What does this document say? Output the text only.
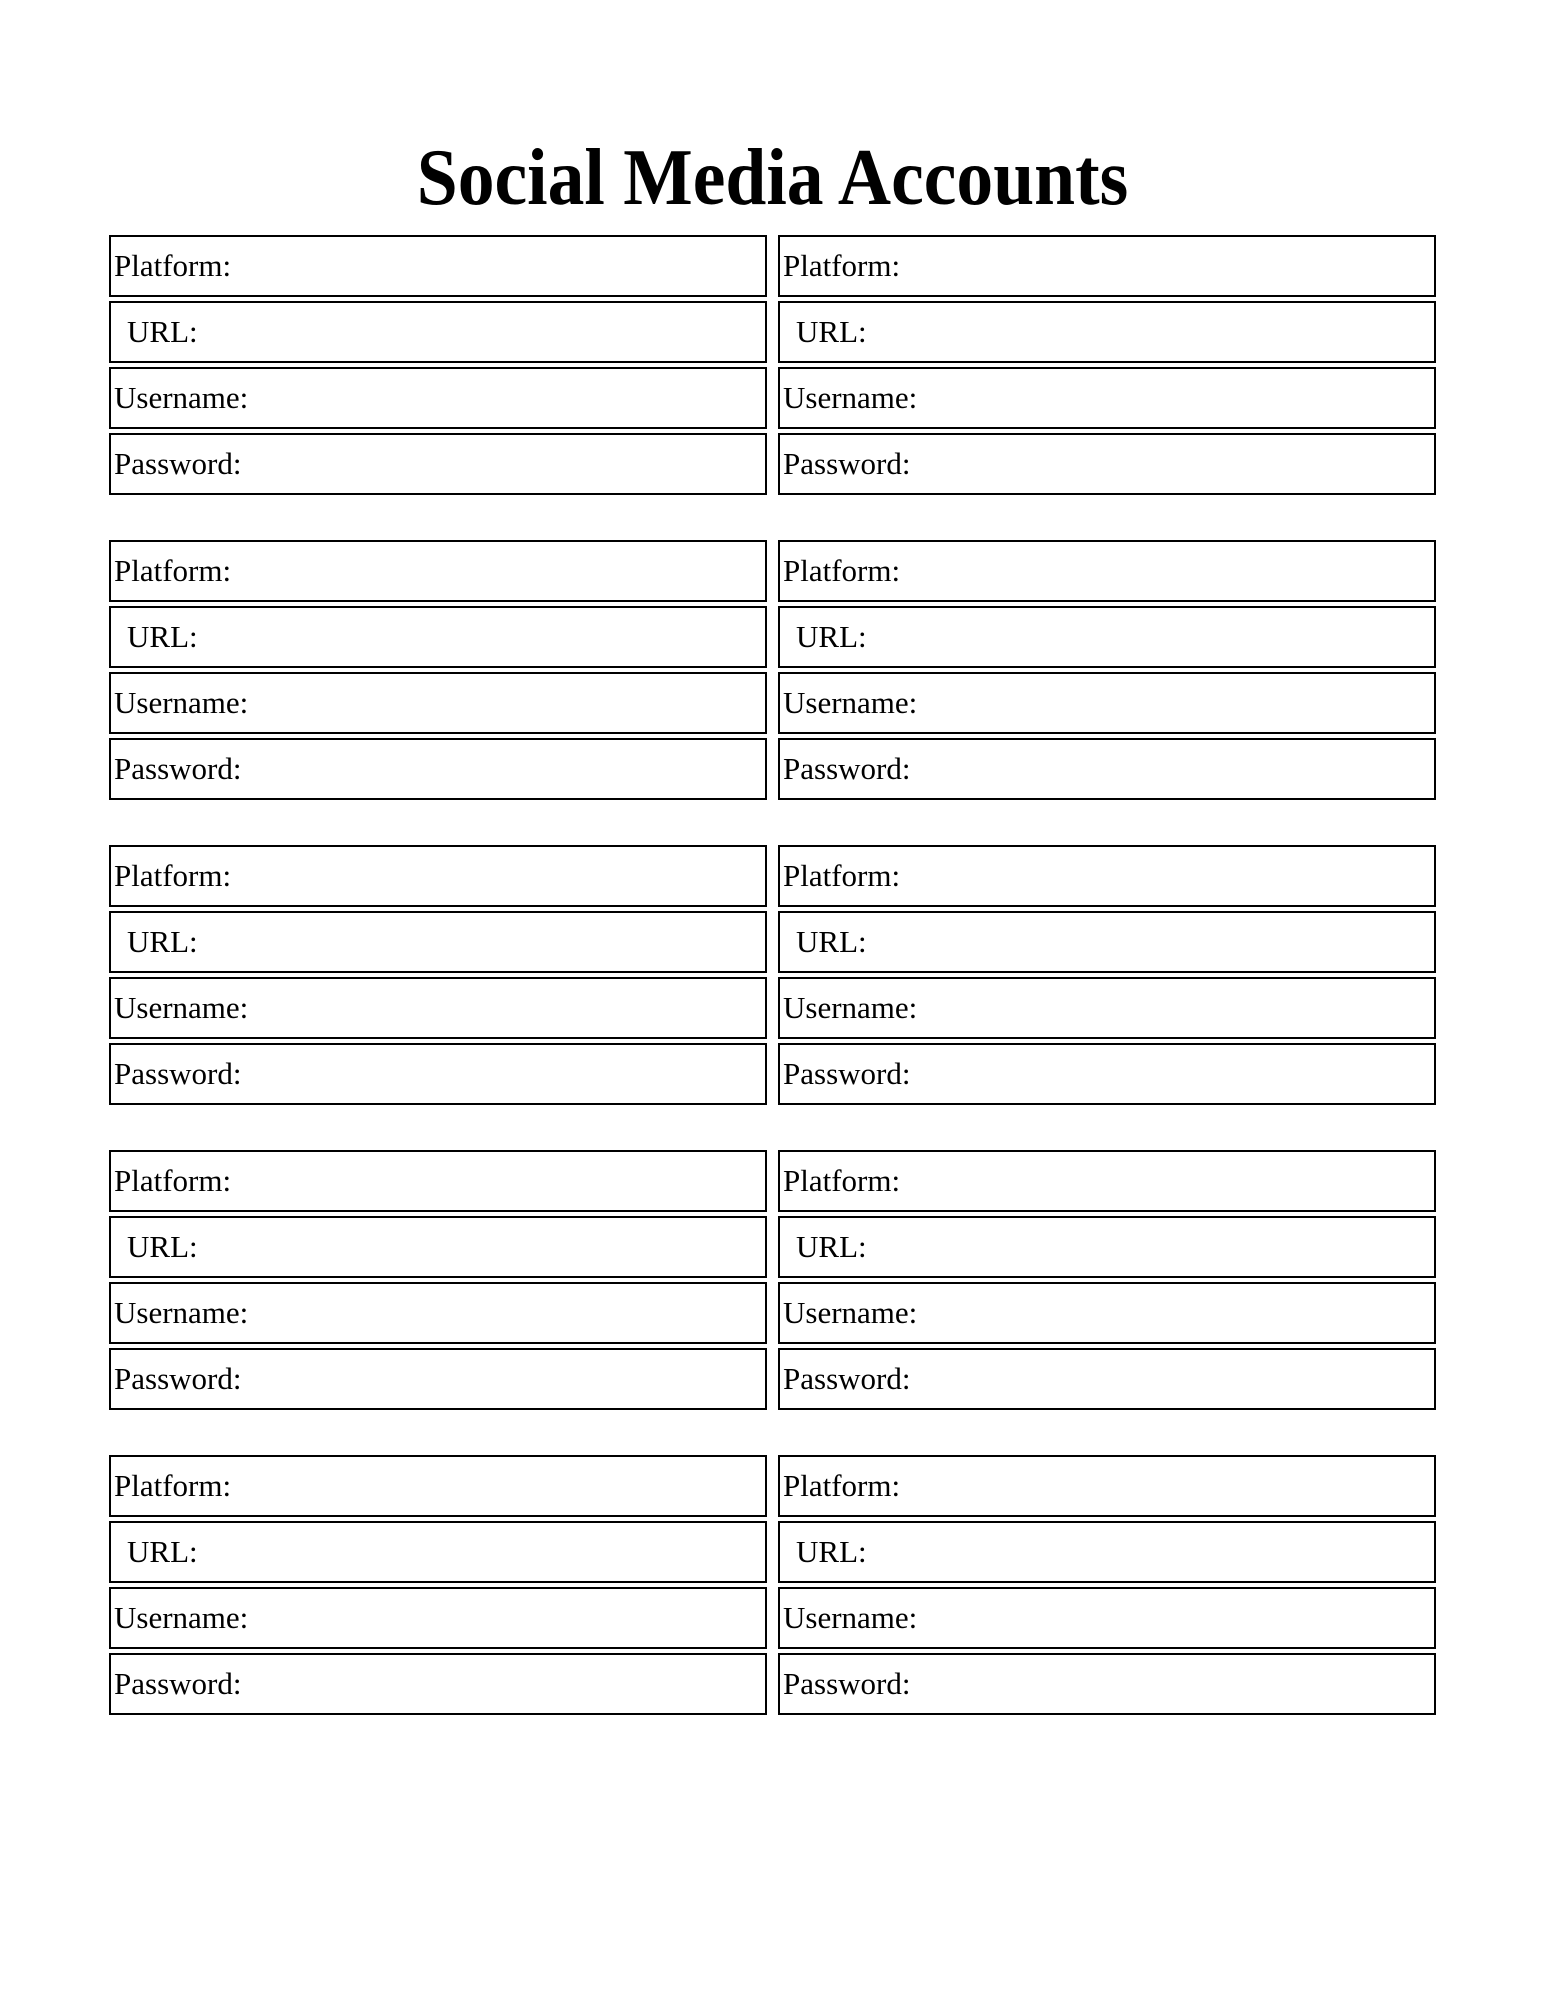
Social Media Accounts
Platform:
URL:
Username:
Password:
Platform:
URL:
Username:
Password:
Platform:
URL:
Username:
Password:
Platform:
URL:
Username:
Password:
Platform:
URL:
Username:
Password:
Platform:
URL:
Username:
Password:
Platform:
URL:
Username:
Password:
Platform:
URL:
Username:
Password:
Platform:
URL:
Username:
Password:
Platform:
URL:
Username:
Password:
